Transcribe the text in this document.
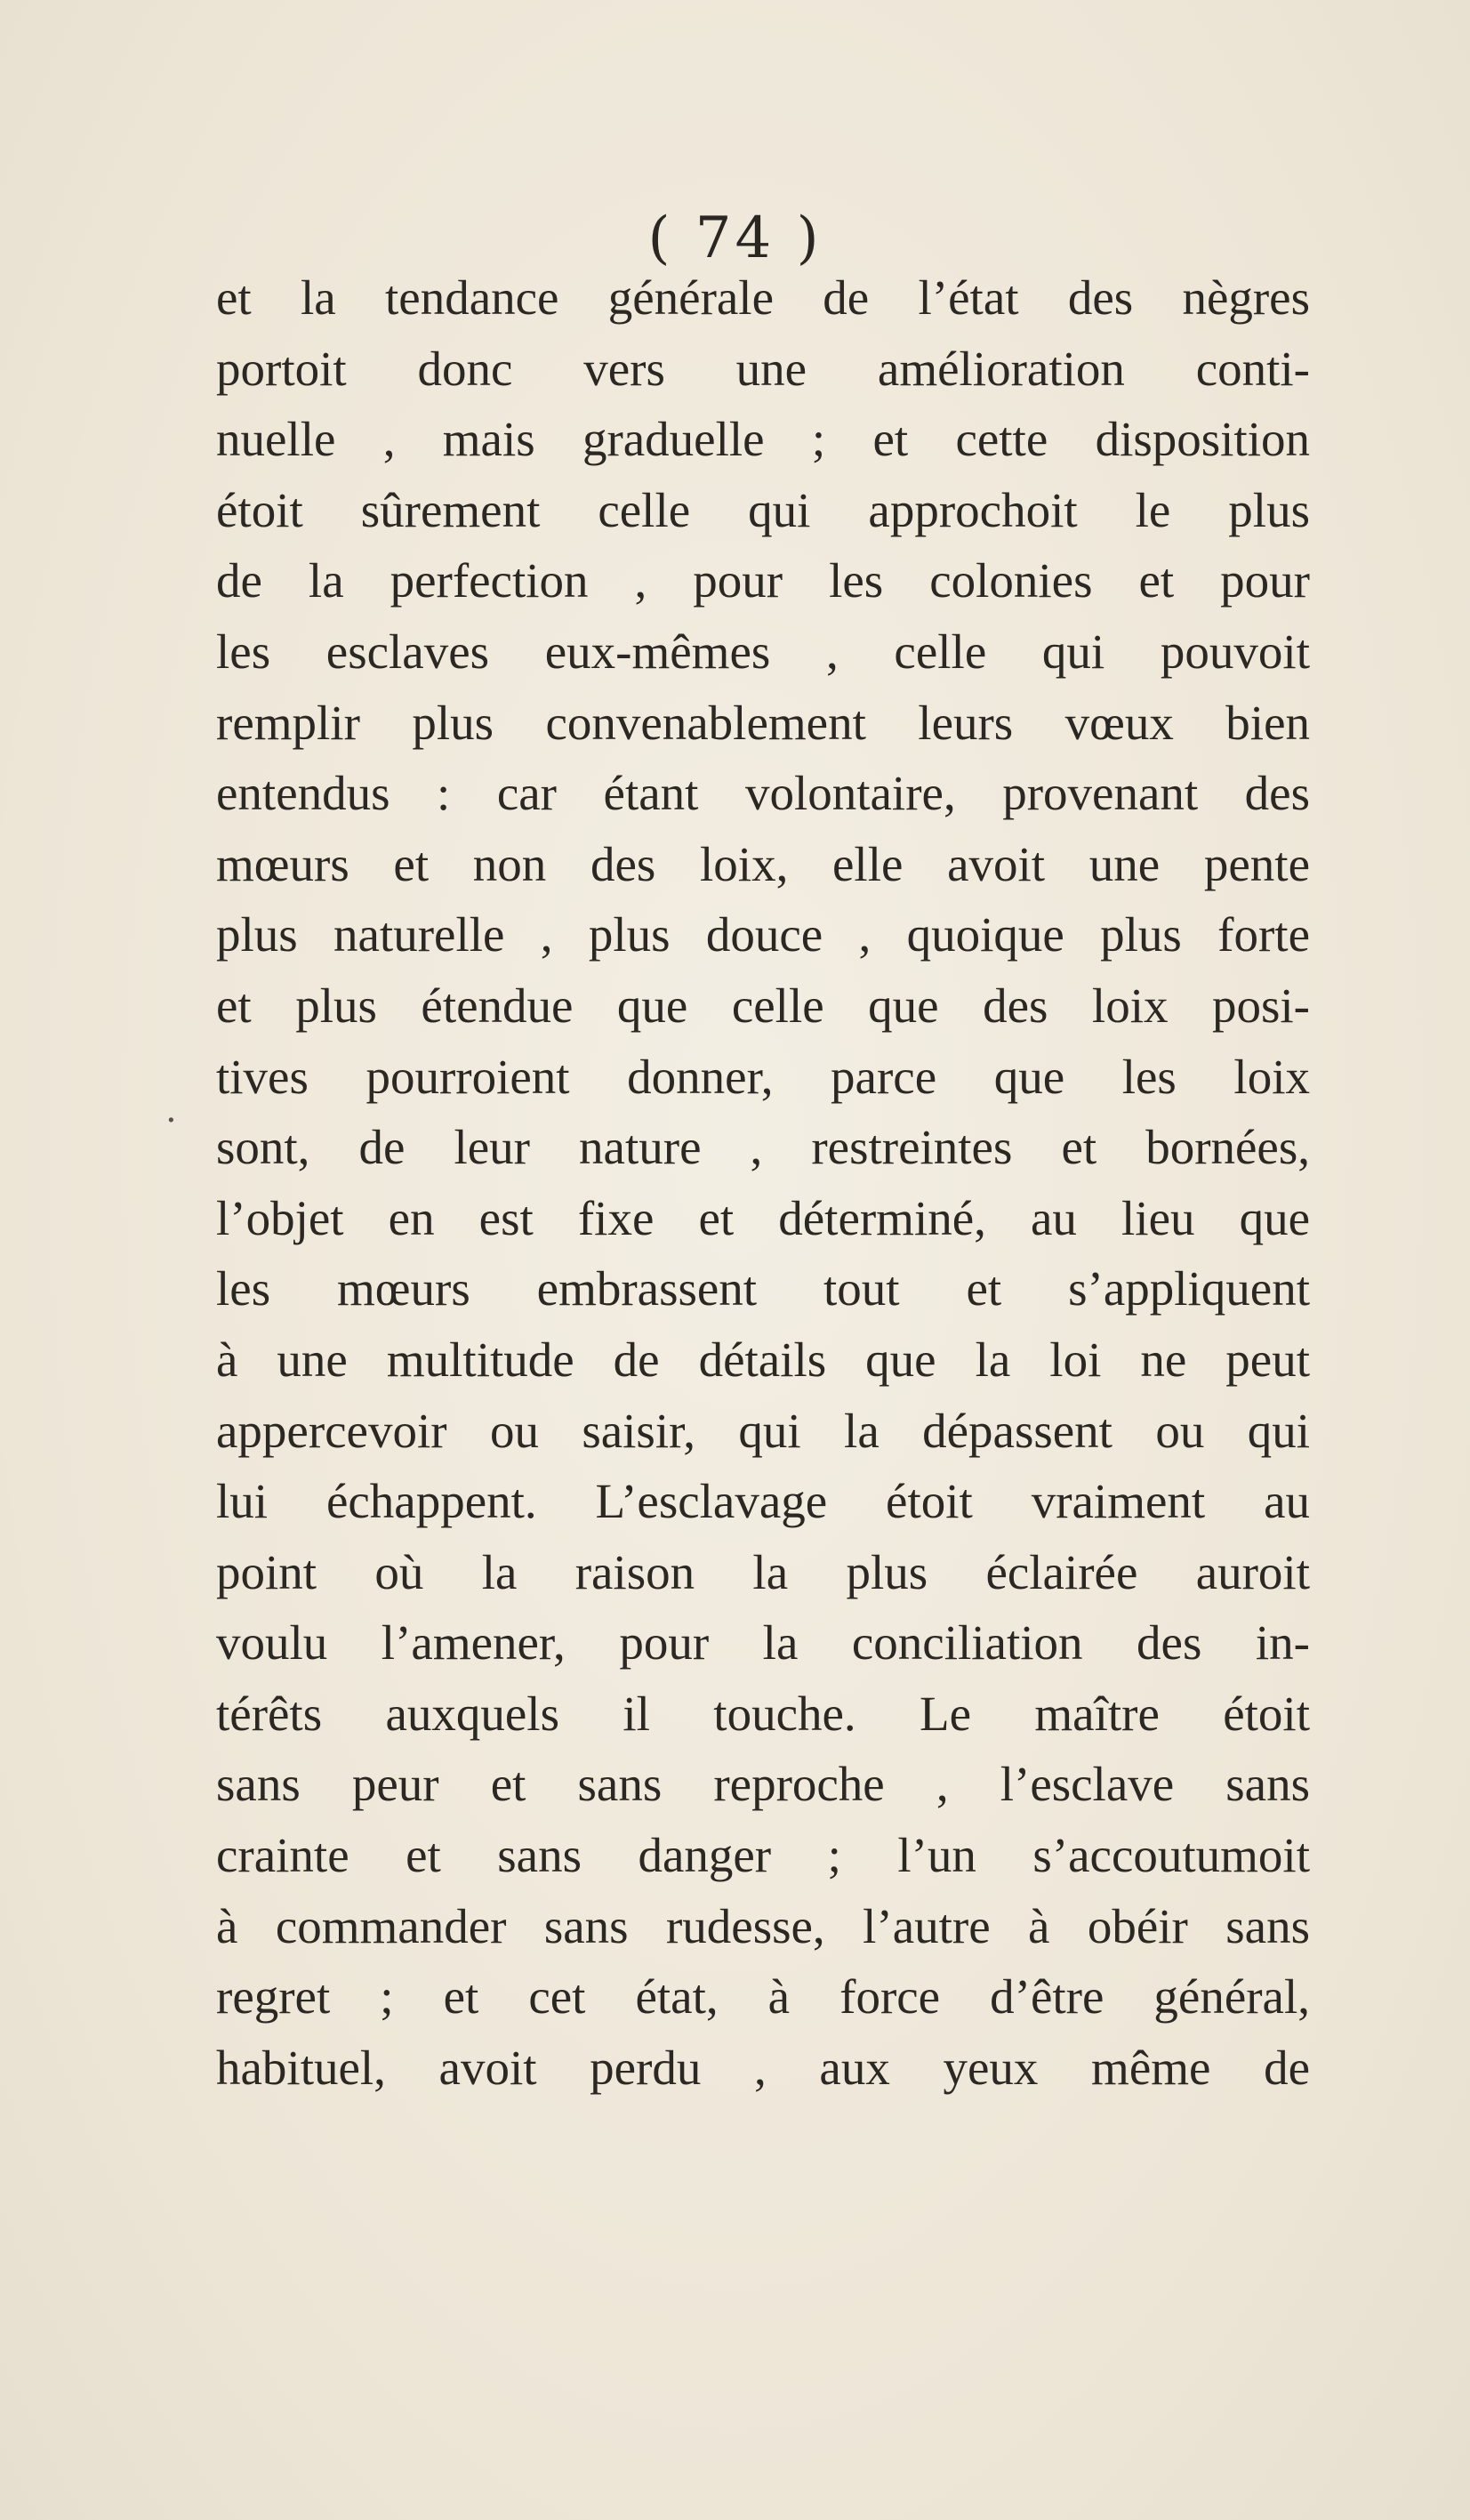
( 74 )
.
et la tendance générale de l’état des nègres
portoit donc vers une amélioration conti-
nuelle , mais graduelle ; et cette disposition
étoit sûrement celle qui approchoit le plus
de la perfection , pour les colonies et pour
les esclaves eux-mêmes , celle qui pouvoit
remplir plus convenablement leurs vœux bien
entendus : car étant volontaire, provenant des
mœurs et non des loix, elle avoit une pente
plus naturelle , plus douce , quoique plus forte
et plus étendue que celle que des loix posi-
tives pourroient donner, parce que les loix
sont, de leur nature , restreintes et bornées,
l’objet en est fixe et déterminé, au lieu que
les mœurs embrassent tout et s’appliquent
à une multitude de détails que la loi ne peut
appercevoir ou saisir, qui la dépassent ou qui
lui échappent. L’esclavage étoit vraiment au
point où la raison la plus éclairée auroit
voulu l’amener, pour la conciliation des in-
térêts auxquels il touche. Le maître étoit
sans peur et sans reproche , l’esclave sans
crainte et sans danger ; l’un s’accoutumoit
à commander sans rudesse, l’autre à obéir sans
regret ; et cet état, à force d’être général,
habituel, avoit perdu , aux yeux même de
